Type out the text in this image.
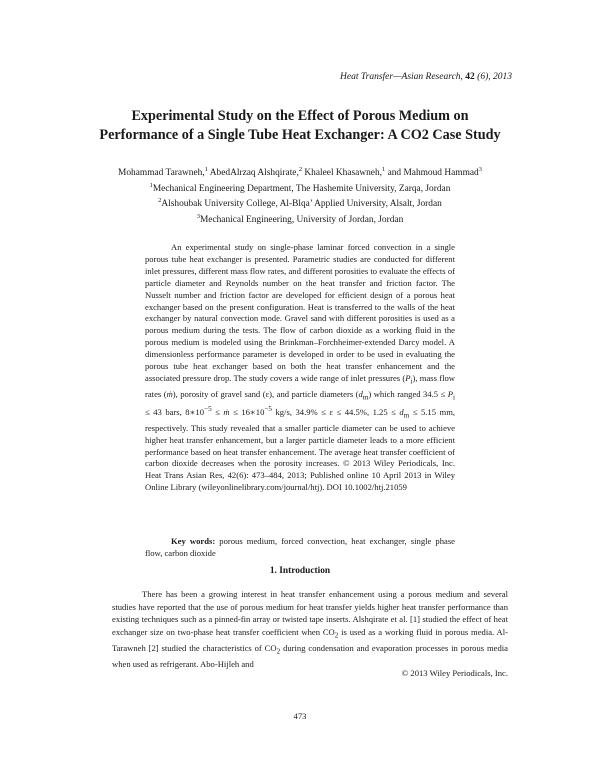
Heat Transfer—Asian Research, 42 (6), 2013
Experimental Study on the Effect of Porous Medium on
Performance of a Single Tube Heat Exchanger: A CO2 Case Study
Mohammad Tarawneh,$^1$ AbedAlrzaq Alshqirate,$^2$ Khaleel Khasawneh,$^1$ and Mahmoud Hammad$^3$
$^1$Mechanical Engineering Department, The Hashemite University, Zarqa, Jordan
$^2$Alshoubak University College, Al-Blqa’ Applied University, Alsalt, Jordan
$^3$Mechanical Engineering, University of Jordan, Jordan

An experimental study on single-phase laminar forced convection in a single porous tube heat exchanger is presented. Parametric studies are conducted for different inlet pressures, different mass flow rates, and different porosities to evaluate the effects of particle diameter and Reynolds number on the heat transfer and friction factor. The Nusselt number and friction factor are developed for efficient design of a porous heat exchanger based on the present configuration. Heat is transferred to the walls of the heat exchanger by natural convection mode. Gravel sand with different porosities is used as a porous medium during the tests. The flow of carbon dioxide as a working fluid in the porous medium is modeled using the Brinkman–Forchheimer-extended Darcy model. A dimensionless performance parameter is developed in order to be used in evaluating the porous tube heat exchanger based on both the heat transfer enhancement and the associated pressure drop. The study covers a wide range of inlet pressures $(P_i)$, mass flow rates (ṁ), porosity of gravel sand (ε), and particle diameters $(d_m)$ which ranged $34.5 \le P_i \le 43$ bars, $8∗10^{-5}$ ≤ ṁ ≤ $16∗10^{-5}$ kg/s, 34.9% ≤ ε ≤ 44.5%, $1.25 \le d_m \le 5.15$ mm, respectively. This study revealed that a smaller particle diameter can be used to achieve higher heat transfer enhancement, but a larger particle diameter leads to a more efficient performance based on heat transfer enhancement. The average heat transfer coefficient of carbon dioxide decreases when the porosity increases. © 2013 Wiley Periodicals, Inc. Heat Trans Asian Res, 42(6): 473–484, 2013; Published online 10 April 2013 in Wiley Online Library (wileyonlinelibrary.com/journal/htj). DOI 10.1002/htj.21059

Key words: porous medium, forced convection, heat exchanger, single phase flow, carbon dioxide

1. Introduction

There has been a growing interest in heat transfer enhancement using a porous medium and several studies have reported that the use of porous medium for heat transfer yields higher heat transfer performance than existing techniques such as a pinned-fin array or twisted tape inserts. Alshqirate et al. [1] studied the effect of heat exchanger size on two-phase heat transfer coefficient when $CO_2$ is used as a working fluid in porous media. Al-Tarawneh [2] studied the characteristics of $CO_2$ during condensation and evaporation processes in porous media when used as refrigerant. Abo-Hijleh and

© 2013 Wiley Periodicals, Inc.
473
